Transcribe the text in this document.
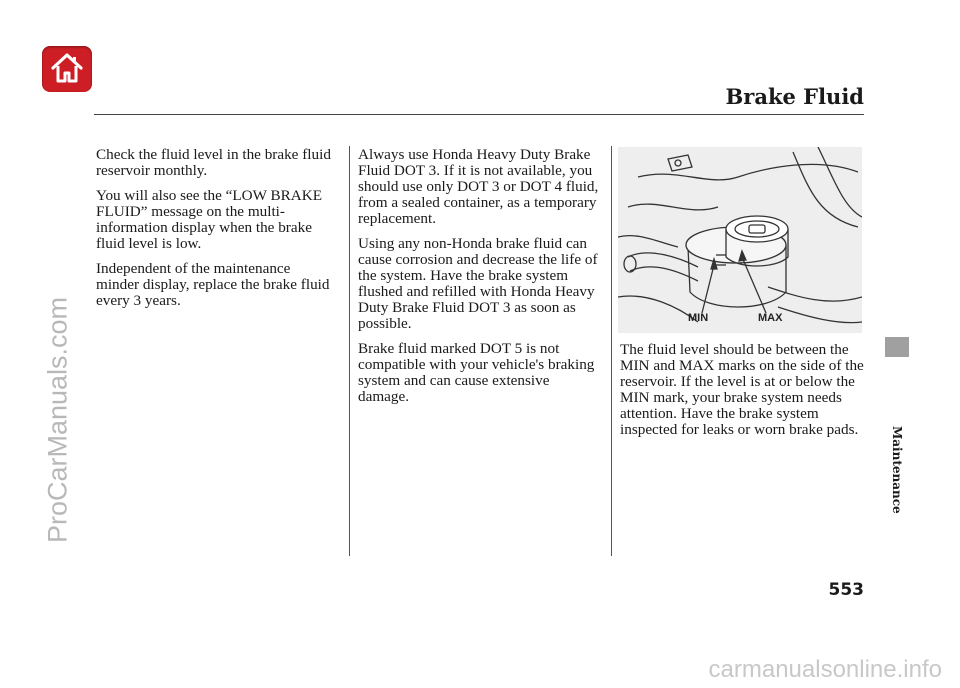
Brake Fluid

Check the fluid level in the brake fluid reservoir monthly.

You will also see the “LOW BRAKE FLUID” message on the multi-information display when the brake fluid level is low.

Independent of the maintenance minder display, replace the brake fluid every 3 years.

Always use Honda Heavy Duty Brake Fluid DOT 3. If it is not available, you should use only DOT 3 or DOT 4 fluid, from a sealed container, as a temporary replacement.

Using any non-Honda brake fluid can cause corrosion and decrease the life of the system. Have the brake system flushed and refilled with Honda Heavy Duty Brake Fluid DOT 3 as soon as possible.

Brake fluid marked DOT 5 is not compatible with your vehicle's braking system and can cause extensive damage.

MIN	MAX

The fluid level should be between the MIN and MAX marks on the side of the reservoir. If the level is at or below the MIN mark, your brake system needs attention. Have the brake system inspected for leaks or worn brake pads.	Maintenance
553
ProCarManuals.com
carmanualsonline.info
